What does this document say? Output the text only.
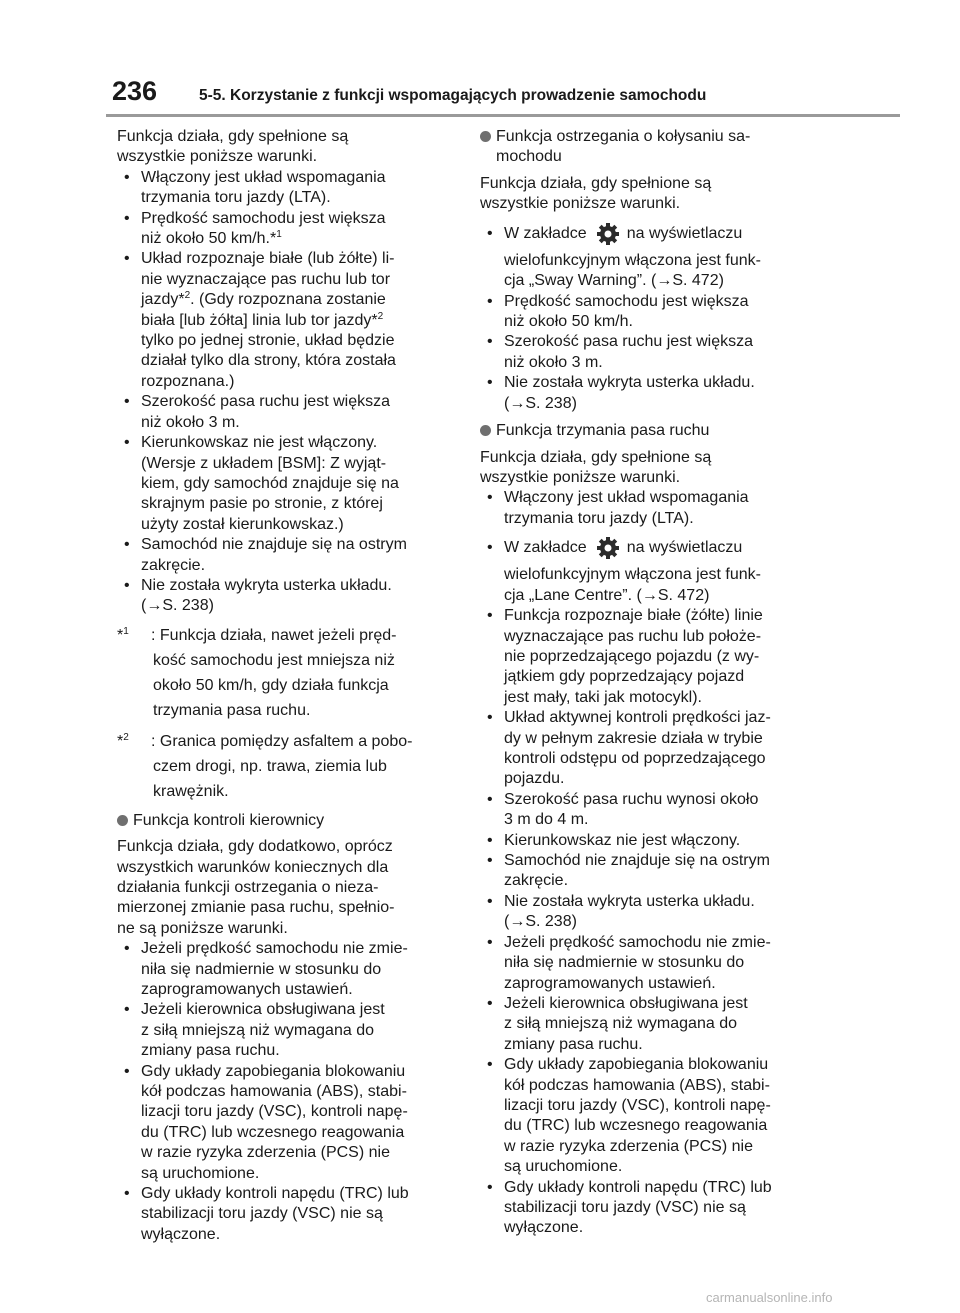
236	5-5. Korzystanie z funkcji wspomagających prowadzenie samochodu

Funkcja działa, gdy spełnione są
wszystkie poniższe warunki.

• Włączony jest układ wspomagania
trzymania toru jazdy (LTA).
• Prędkość samochodu jest większa
niż około 50 km/h.*$^1$
• Układ rozpoznaje białe (lub żółte) li-
nie wyznaczające pas ruchu lub tor
jazdy*$^2$. (Gdy rozpoznana zostanie
biała [lub żółta] linia lub tor jazdy*$^2$
tylko po jednej stronie, układ będzie
działał tylko dla strony, która została
rozpoznana.)
• Szerokość pasa ruchu jest większa
niż około 3 m.
• Kierunkowskaz nie jest włączony.
(Wersje z układem [BSM]: Z wyjąt-
kiem, gdy samochód znajduje się na
skrajnym pasie po stronie, z której
użyty został kierunkowskaz.)
• Samochód nie znajduje się na ostrym
zakręcie.
• Nie została wykryta usterka układu.
(→S. 238)
*$^1$ : Funkcja działa, nawet jeżeli pręd-
kość samochodu jest mniejsza niż
około 50 km/h, gdy działa funkcja
trzymania pasa ruchu.
*$^2$ : Granica pomiędzy asfaltem a pobo-
czem drogi, np. trawa, ziemia lub
krawężnik.
Funkcja kontroli kierownicy

Funkcja działa, gdy dodatkowo, oprócz
wszystkich warunków koniecznych dla
działania funkcji ostrzegania o nieza-
mierzonej zmianie pasa ruchu, spełnio-
ne są poniższe warunki.

• Jeżeli prędkość samochodu nie zmie-
niła się nadmiernie w stosunku do
zaprogramowanych ustawień.
• Jeżeli kierownica obsługiwana jest
z siłą mniejszą niż wymagana do
zmiany pasa ruchu.
• Gdy układy zapobiegania blokowaniu
kół podczas hamowania (ABS), stabi-
lizacji toru jazdy (VSC), kontroli napę-
du (TRC) lub wczesnego reagowania
w razie ryzyka zderzenia (PCS) nie
są uruchomione.
• Gdy układy kontroli napędu (TRC) lub
stabilizacji toru jazdy (VSC) nie są
wyłączone.
Funkcja ostrzegania o kołysaniu sa-
mochodu

Funkcja działa, gdy spełnione są
wszystkie poniższe warunki.

• W zakładce	na wyświetlaczu
wielofunkcyjnym włączona jest funk-
cja „Sway Warning”. (→S. 472)
• Prędkość samochodu jest większa
niż około 50 km/h.
• Szerokość pasa ruchu jest większa
niż około 3 m.
• Nie została wykryta usterka układu.
(→S. 238)
Funkcja trzymania pasa ruchu

Funkcja działa, gdy spełnione są
wszystkie poniższe warunki.

• Włączony jest układ wspomagania
trzymania toru jazdy (LTA).
• W zakładce	na wyświetlaczu
wielofunkcyjnym włączona jest funk-
cja „Lane Centre”. (→S. 472)
• Funkcja rozpoznaje białe (żółte) linie
wyznaczające pas ruchu lub położe-
nie poprzedzającego pojazdu (z wy-
jątkiem gdy poprzedzający pojazd
jest mały, taki jak motocykl).
• Układ aktywnej kontroli prędkości jaz-
dy w pełnym zakresie działa w trybie
kontroli odstępu od poprzedzającego
pojazdu.
• Szerokość pasa ruchu wynosi około
3 m do 4 m.
• Kierunkowskaz nie jest włączony.
• Samochód nie znajduje się na ostrym
zakręcie.
• Nie została wykryta usterka układu.
(→S. 238)
• Jeżeli prędkość samochodu nie zmie-
niła się nadmiernie w stosunku do
zaprogramowanych ustawień.
• Jeżeli kierownica obsługiwana jest
z siłą mniejszą niż wymagana do
zmiany pasa ruchu.
• Gdy układy zapobiegania blokowaniu
kół podczas hamowania (ABS), stabi-
lizacji toru jazdy (VSC), kontroli napę-
du (TRC) lub wczesnego reagowania
w razie ryzyka zderzenia (PCS) nie
są uruchomione.
• Gdy układy kontroli napędu (TRC) lub
stabilizacji toru jazdy (VSC) nie są
wyłączone.
carmanualsonline.info
